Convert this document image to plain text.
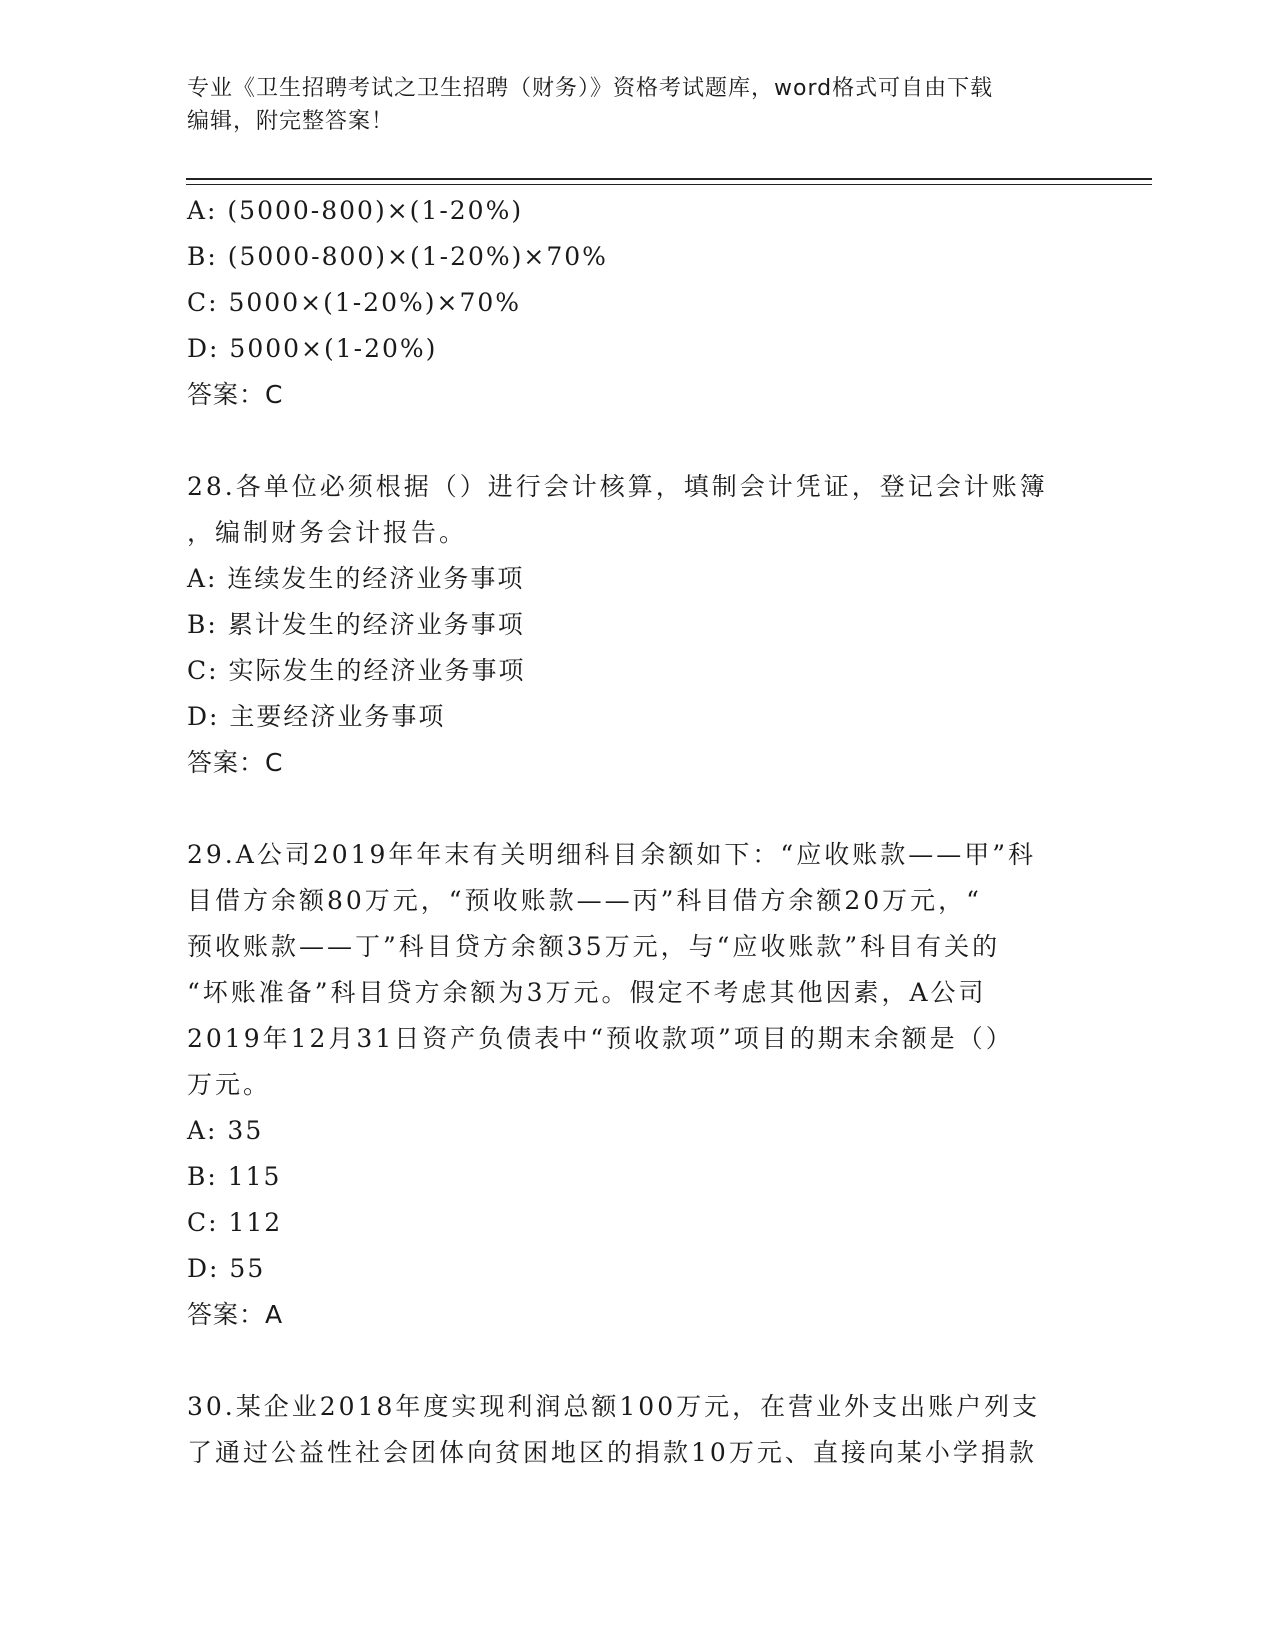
专业《卫生招聘考试之卫生招聘（财务）》资格考试题库，word格式可自由下载
编辑，附完整答案！
A: (5000-800)×(1-20%)
B: (5000-800)×(1-20%)×70%
C: 5000×(1-20%)×70%
D: 5000×(1-20%)
答案：C
28.各单位必须根据（）进行会计核算，填制会计凭证，登记会计账簿
，编制财务会计报告。
A: 连续发生的经济业务事项
B: 累计发生的经济业务事项
C: 实际发生的经济业务事项
D: 主要经济业务事项
答案：C
29.A公司2019年年末有关明细科目余额如下：“应收账款——甲”科
目借方余额80万元，“预收账款——丙”科目借方余额20万元，“
预收账款——丁”科目贷方余额35万元，与“应收账款”科目有关的
“坏账准备”科目贷方余额为3万元。假定不考虑其他因素，A公司
2019年12月31日资产负债表中“预收款项”项目的期末余额是（）
万元。
A: 35
B: 115
C: 112
D: 55
答案：A
30.某企业2018年度实现利润总额100万元，在营业外支出账户列支
了通过公益性社会团体向贫困地区的捐款10万元、直接向某小学捐款
